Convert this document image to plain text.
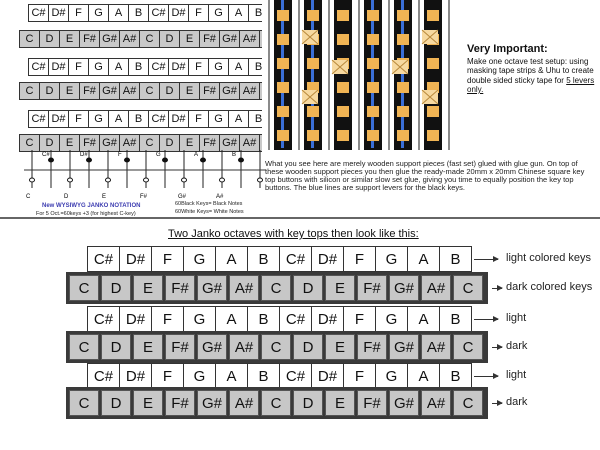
C# D# F	G	A	B C# D# F	G	A	B
C	D	E F# G# A# C	D	E F# G# A#
C# D# F	G	A	B C# D# F	G	A	B
C	D	E F# G# A# C	D	E F# G# A#
C# D# F	G	A	B C# D# F	G	A	B
C	D	E F# G# A# C	D	E F# G# A#
C#
C
D#
D
F
E
G
F#
A
G#
B
A#
New WYSIWYG JANKO NOTATION
For 5 Oct.=60keys +3 (for highest C-key)
60Black Keys= Black Notes
60White Keys= White Notes
What you see here are merely wooden support pieces (fast set) glued with glue gun. On top of these wooden support pieces you then glue the ready-made 20mm x 20mm Chinese square key top buttons with silicon or similar slow set glue, giving you time to equally position the key top buttons. The blue lines are support levers for the black keys.
Very Important:
Make one octave test setup: using masking tape strips & Uhu to create double sided sticky tape for 5 levers only.
Two Janko octaves with key tops then look like this:
C# D#	F	G	A	B	C# D#	F	G	A	B	light colored keys
C	D	E	F# G# A#	C	D	E	F# G# A#	C	dark colored keys
C# D#	F	G	A	B	C# D#	F	G	A	B	light
C	D	E	F# G# A#	C	D	E	F# G# A#	C	dark
C# D#	F	G	A	B	C# D#	F	G	A	B	light
C	D	E	F# G# A#	C	D	E	F# G# A#	C	dark
